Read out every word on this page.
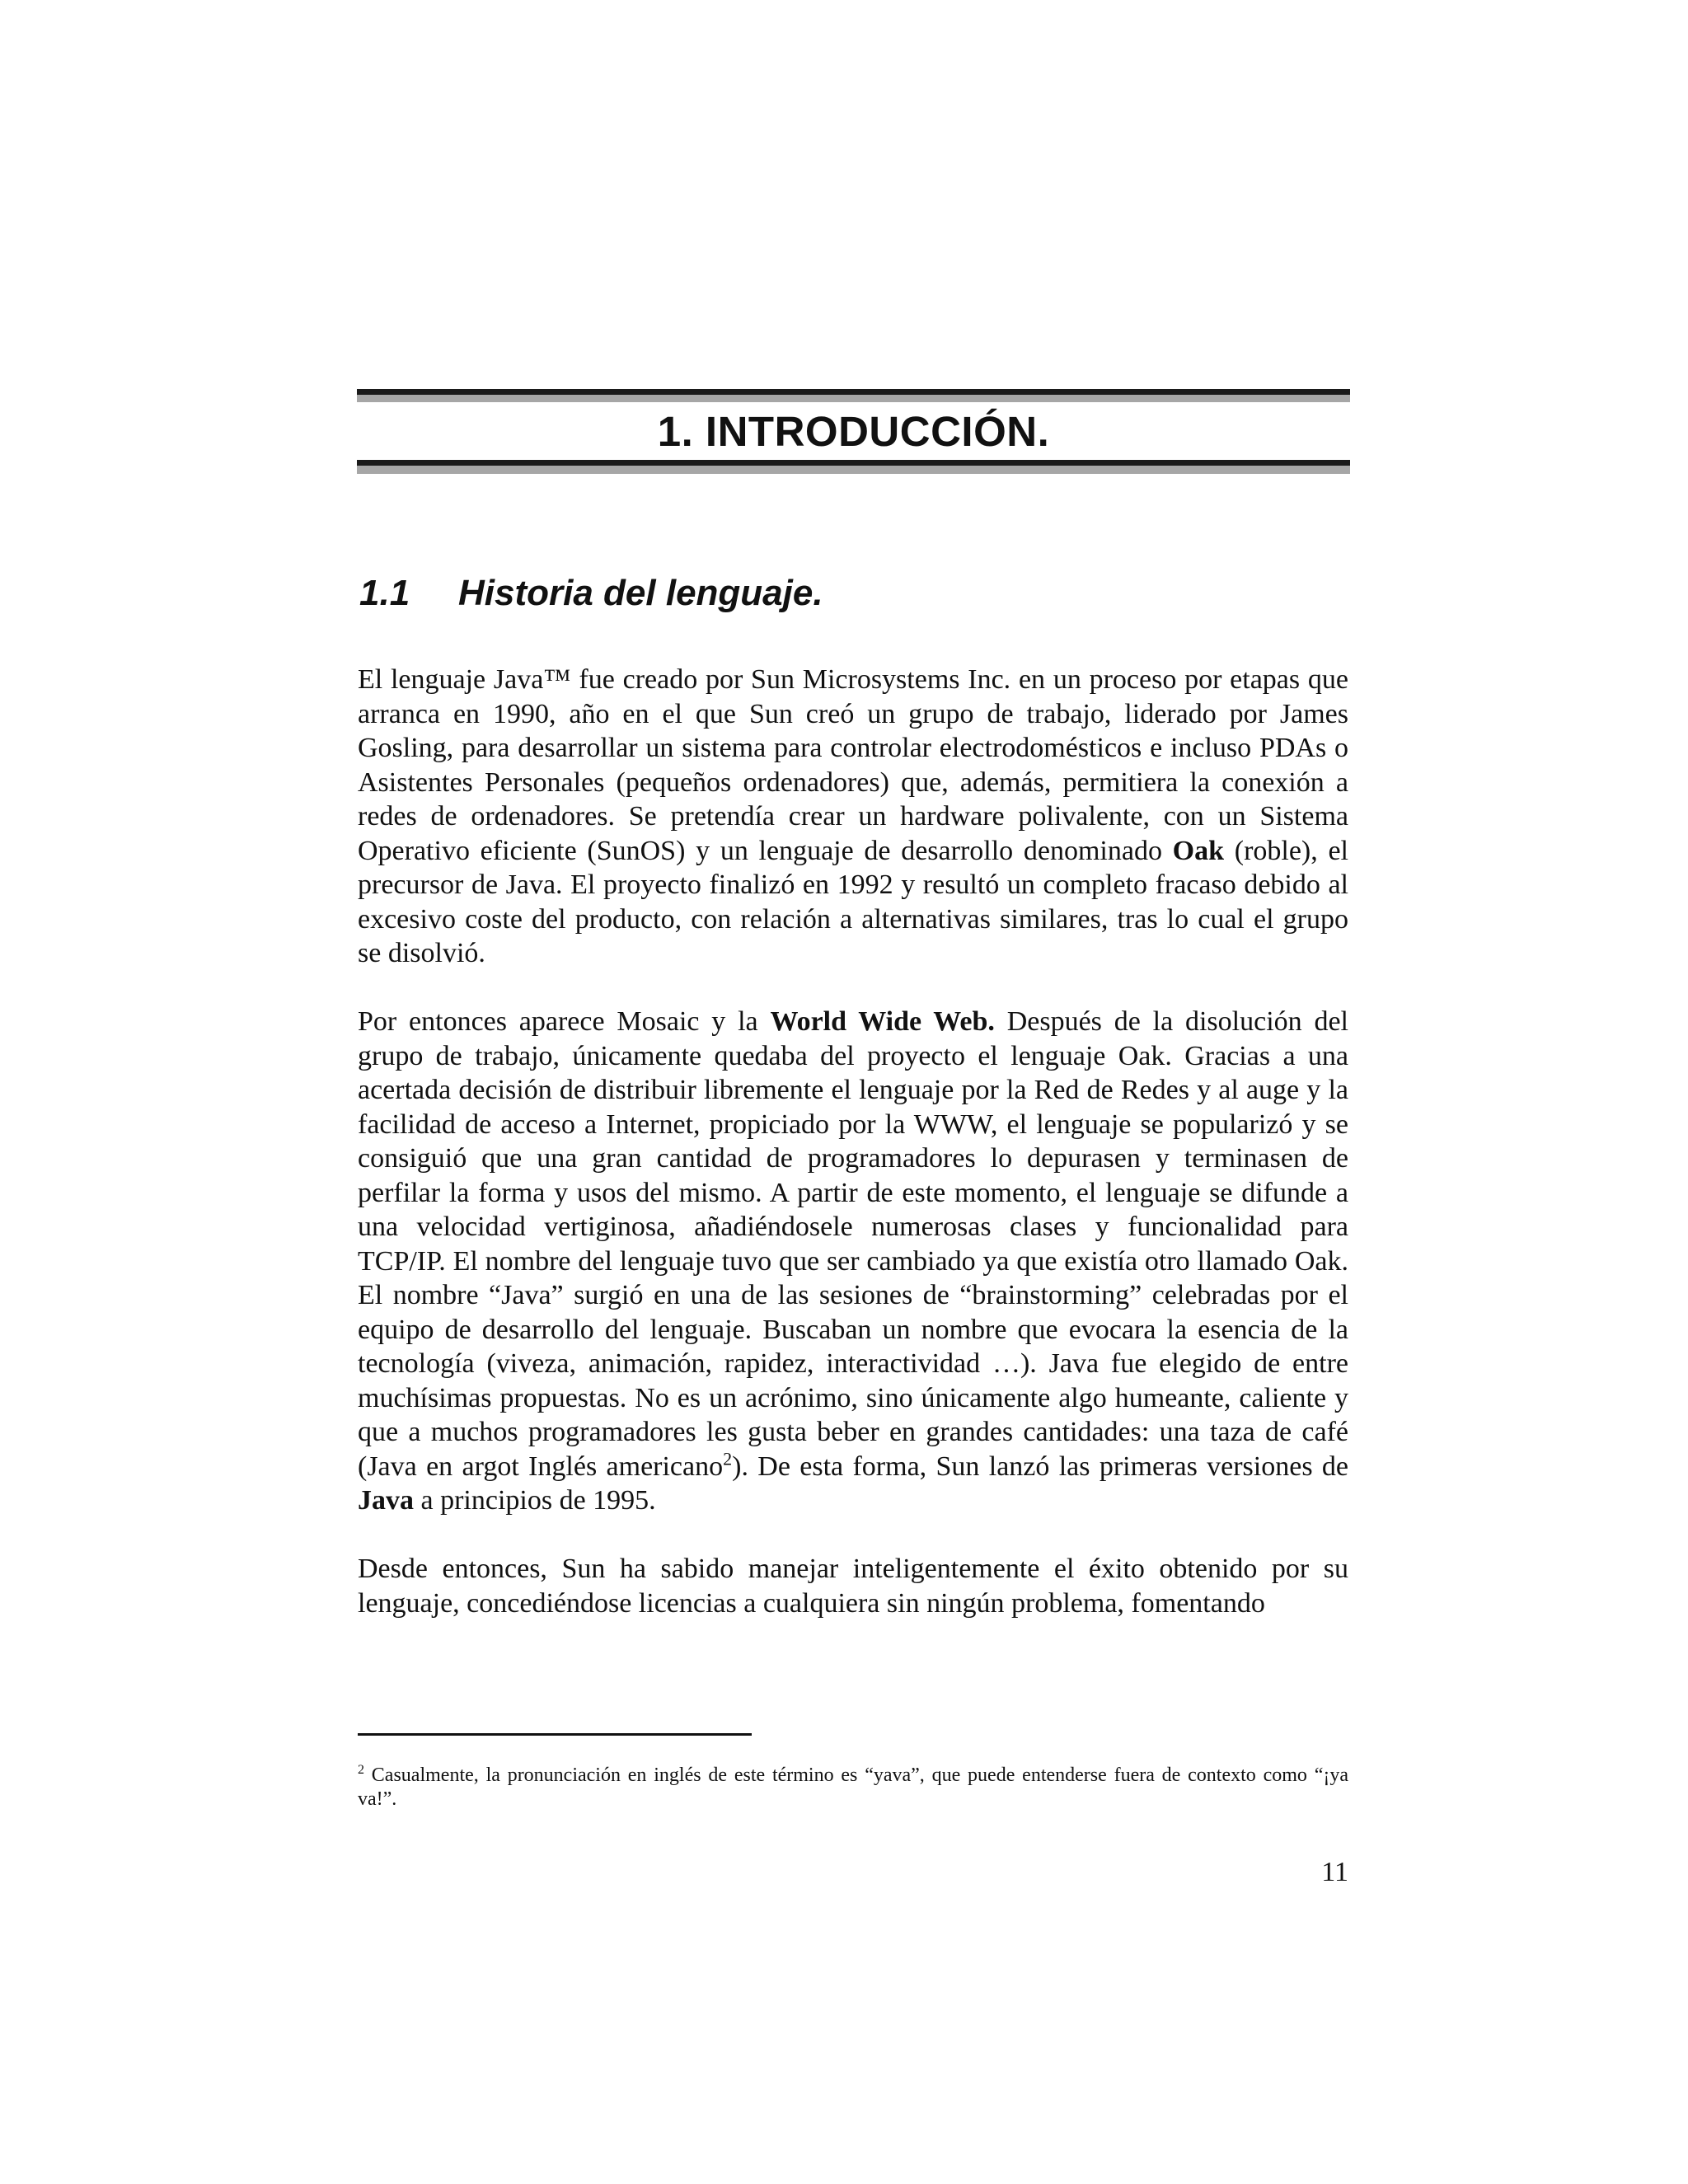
1. INTRODUCCIÓN.
1.1 Historia del lenguaje.

El lenguaje Java™ fue creado por Sun Microsystems Inc. en un proceso por etapas que arranca en 1990, año en el que Sun creó un grupo de trabajo, liderado por James Gosling, para desarrollar un sistema para controlar electrodomésticos e incluso PDAs o Asistentes Personales (pequeños ordenadores) que, además, permitiera la conexión a redes de ordenadores. Se pretendía crear un hardware polivalente, con un Sistema Operativo eficiente (SunOS) y un lenguaje de desarrollo denominado Oak (roble), el precursor de Java. El proyecto finalizó en 1992 y resultó un completo fracaso debido al excesivo coste del producto, con relación a alternativas similares, tras lo cual el grupo se disolvió.

Por entonces aparece Mosaic y la World Wide Web. Después de la disolución del grupo de trabajo, únicamente quedaba del proyecto el lenguaje Oak. Gracias a una acertada decisión de distribuir libremente el lenguaje por la Red de Redes y al auge y la facilidad de acceso a Internet, propiciado por la WWW, el lenguaje se popularizó y se consiguió que una gran cantidad de programadores lo depurasen y terminasen de perfilar la forma y usos del mismo. A partir de este momento, el lenguaje se difunde a una velocidad vertiginosa, añadiéndosele numerosas clases y funcionalidad para TCP/IP. El nombre del lenguaje tuvo que ser cambiado ya que existía otro llamado Oak. El nombre “Java” surgió en una de las sesiones de “brainstorming” celebradas por el equipo de desarrollo del lenguaje. Buscaban un nombre que evocara la esencia de la tecnología (viveza, animación, rapidez, interactividad …). Java fue elegido de entre muchísimas propuestas. No es un acrónimo, sino únicamente algo humeante, caliente y que a muchos programadores les gusta beber en grandes cantidades: una taza de café (Java en argot Inglés americano$^2$). De esta forma, Sun lanzó las primeras versiones de Java a principios de 1995.

Desde entonces, Sun ha sabido manejar inteligentemente el éxito obtenido por su lenguaje, concediéndose licencias a cualquiera sin ningún problema, fomentando

$^2$ Casualmente, la pronunciación en inglés de este término es “yava”, que puede entenderse fuera de contexto como “¡ya va!”.
11
